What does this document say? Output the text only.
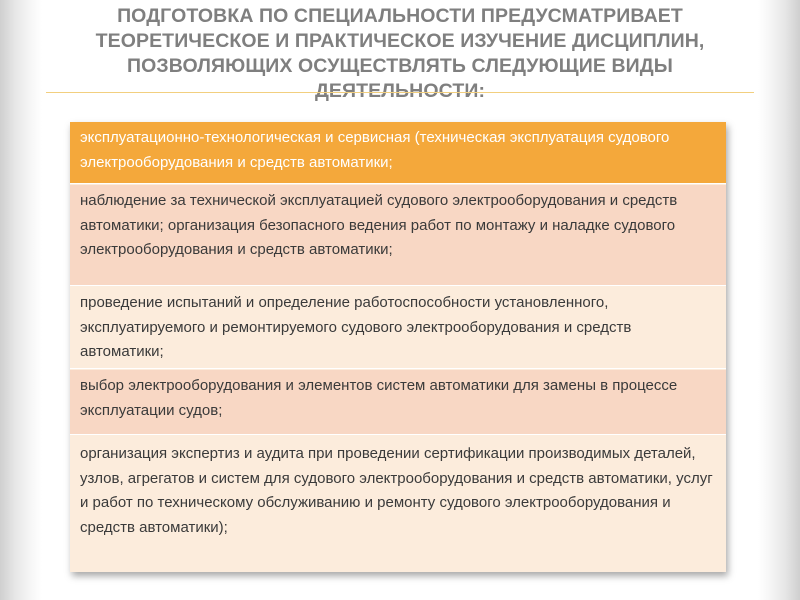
ПОДГОТОВКА ПО СПЕЦИАЛЬНОСТИ ПРЕДУСМАТРИВАЕТ ТЕОРЕТИЧЕСКОЕ И ПРАКТИЧЕСКОЕ ИЗУЧЕНИЕ ДИСЦИПЛИН, ПОЗВОЛЯЮЩИХ ОСУЩЕСТВЛЯТЬ СЛЕДУЮЩИЕ ВИДЫ ДЕЯТЕЛЬНОСТИ:
эксплуатационно-технологическая и сервисная (техническая эксплуатация судового электрооборудования и средств автоматики;
наблюдение за технической эксплуатацией судового электрооборудования и средств автоматики; организация безопасного ведения работ по монтажу и наладке судового электрооборудования и средств автоматики;
проведение испытаний и определение работоспособности установленного, эксплуатируемого и ремонтируемого судового электрооборудования и средств автоматики;
выбор электрооборудования и элементов систем автоматики для замены в процессе эксплуатации судов;
организация экспертиз и аудита при проведении сертификации производимых деталей, узлов, агрегатов и систем для судового электрооборудования и средств автоматики, услуг и работ по техническому обслуживанию и ремонту судового электрооборудования и средств автоматики);
